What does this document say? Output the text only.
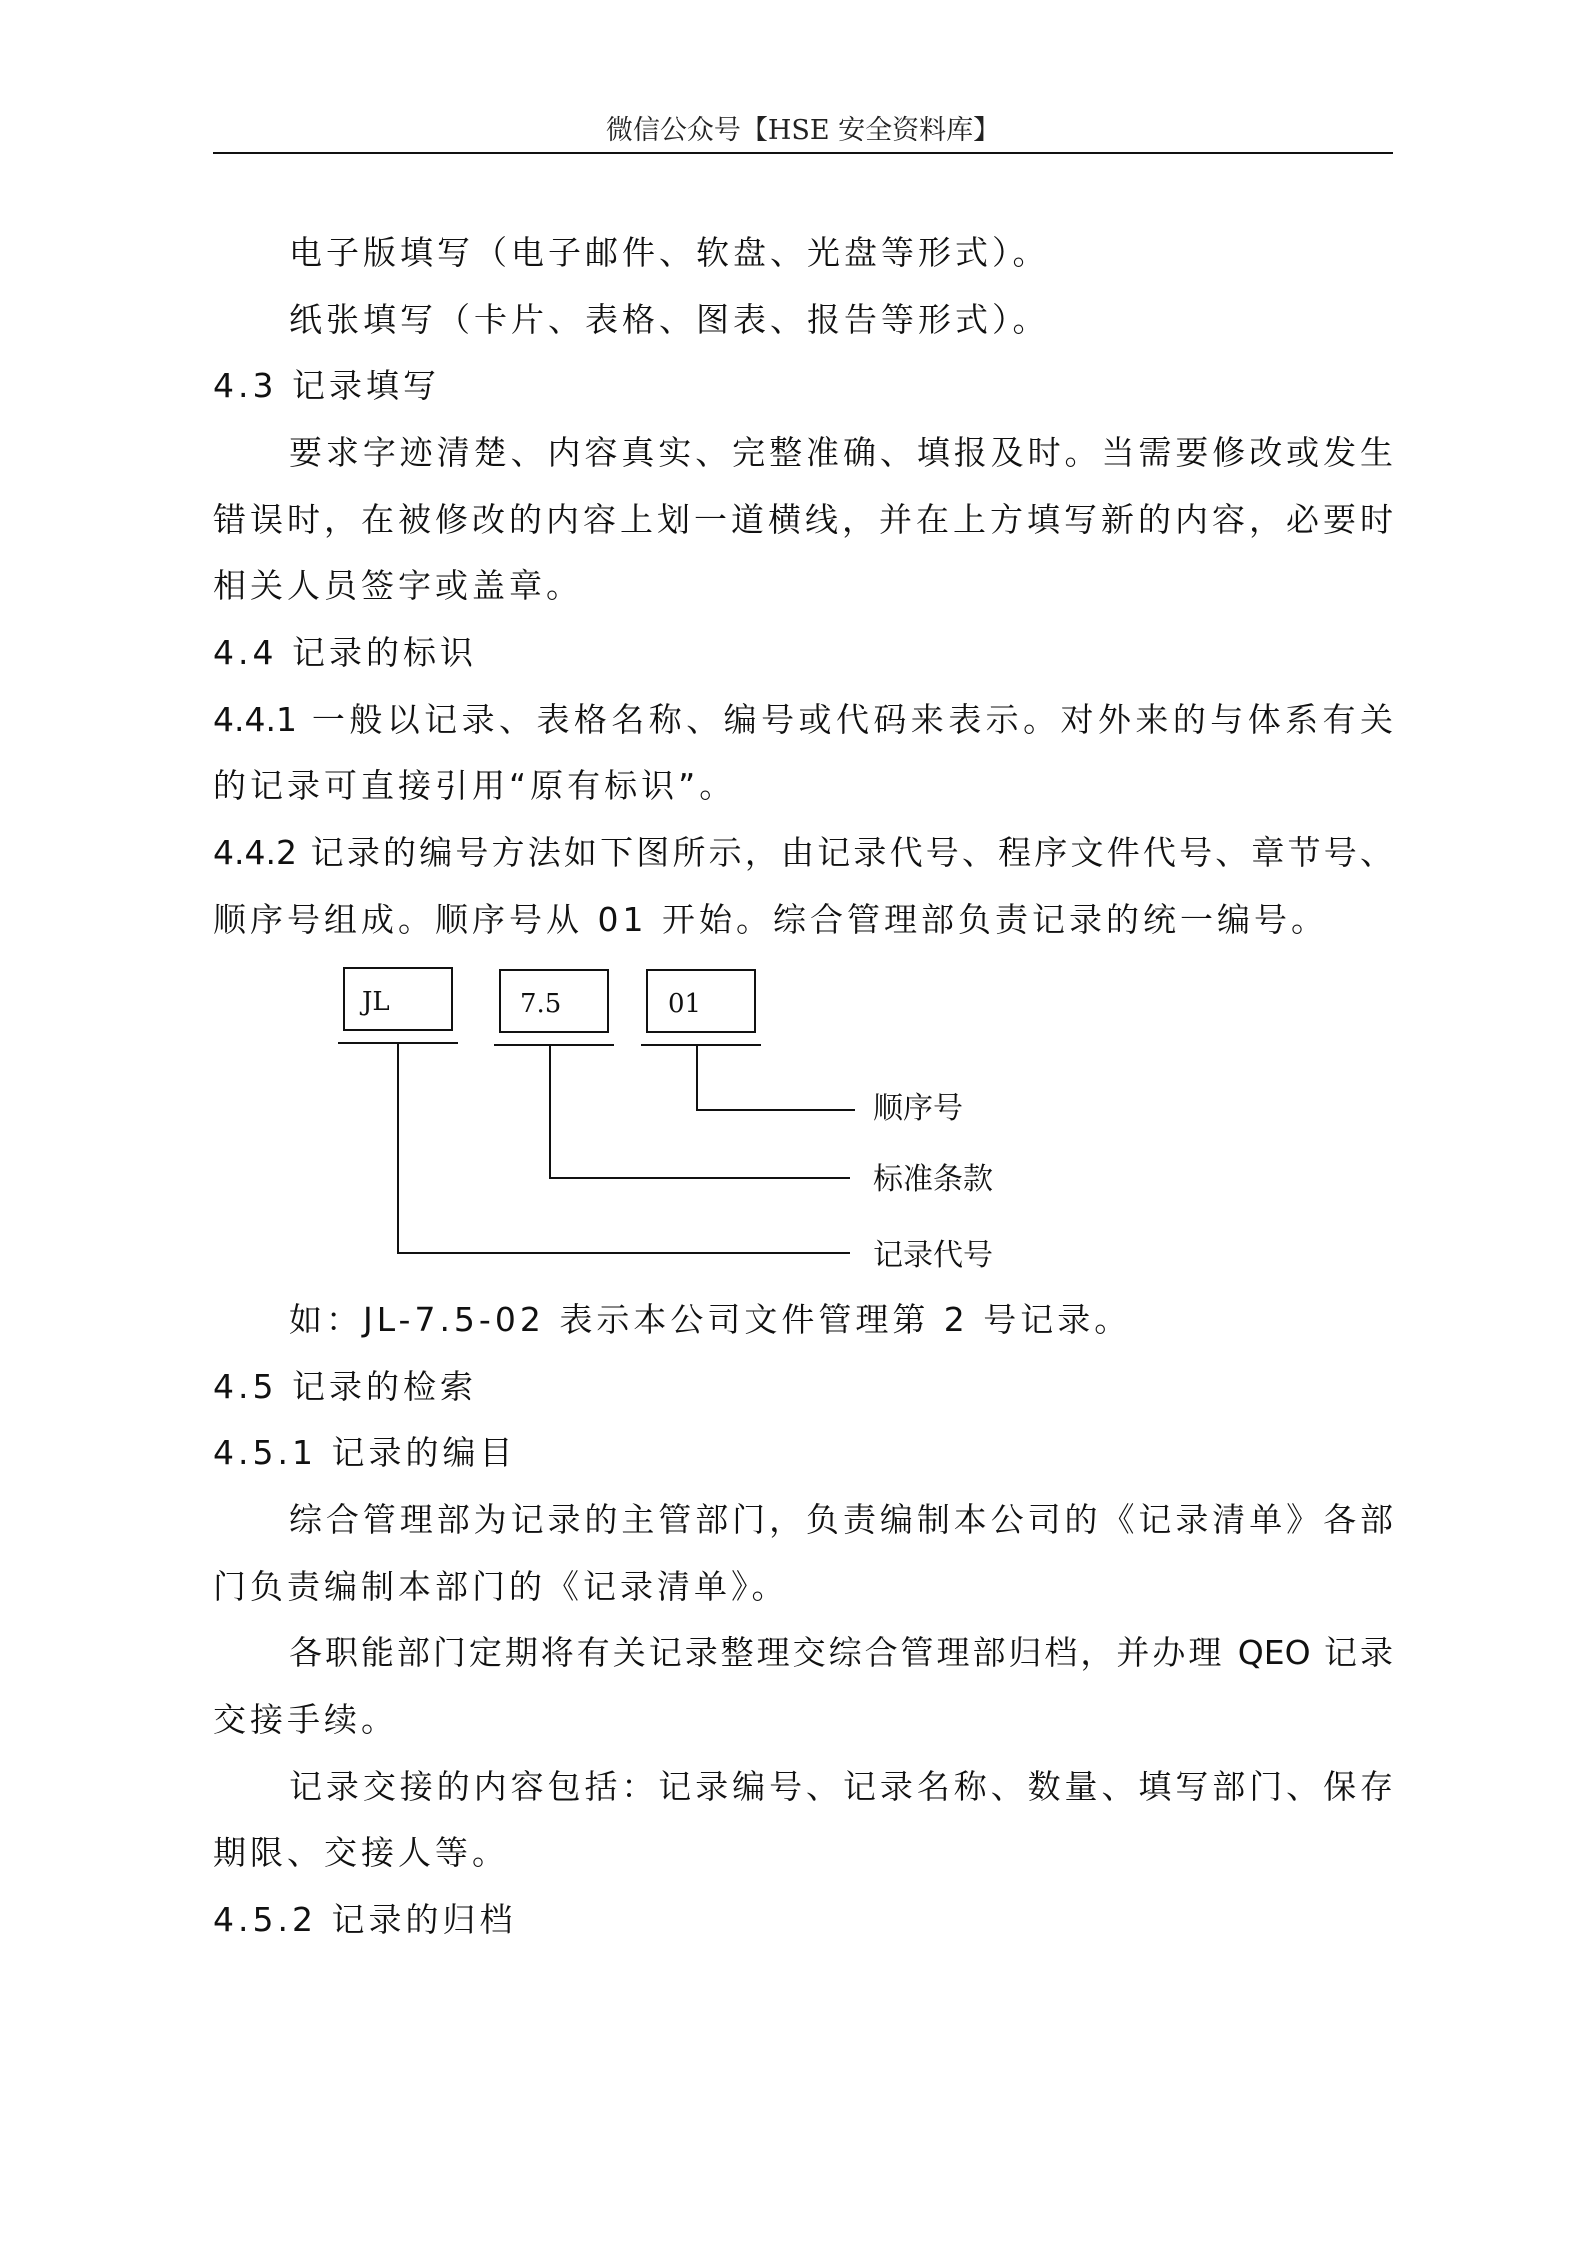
微信公众号【HSE 安全资料库】
电子版填写（电子邮件、软盘、光盘等形式）。
纸张填写（卡片、表格、图表、报告等形式）。
4.3 记录填写
要求字迹清楚、内容真实、完整准确、填报及时。当需要修改或发生
错误时，在被修改的内容上划一道横线，并在上方填写新的内容，必要时
相关人员签字或盖章。
4.4 记录的标识
4.4.1 一般以记录、表格名称、编号或代码来表示。对外来的与体系有关
的记录可直接引用“原有标识”。
4.4.2 记录的编号方法如下图所示，由记录代号、程序文件代号、章节号、
顺序号组成。顺序号从 01 开始。综合管理部负责记录的统一编号。
如：JL-7.5-02 表示本公司文件管理第 2 号记录。
4.5 记录的检索
4.5.1 记录的编目
综合管理部为记录的主管部门，负责编制本公司的《记录清单》各部
门负责编制本部门的《记录清单》。
各职能部门定期将有关记录整理交综合管理部归档，并办理 QEO 记录
交接手续。
记录交接的内容包括：记录编号、记录名称、数量、填写部门、保存
期限、交接人等。
4.5.2 记录的归档
JL	7.5	01
顺序号
标准条款
记录代号
